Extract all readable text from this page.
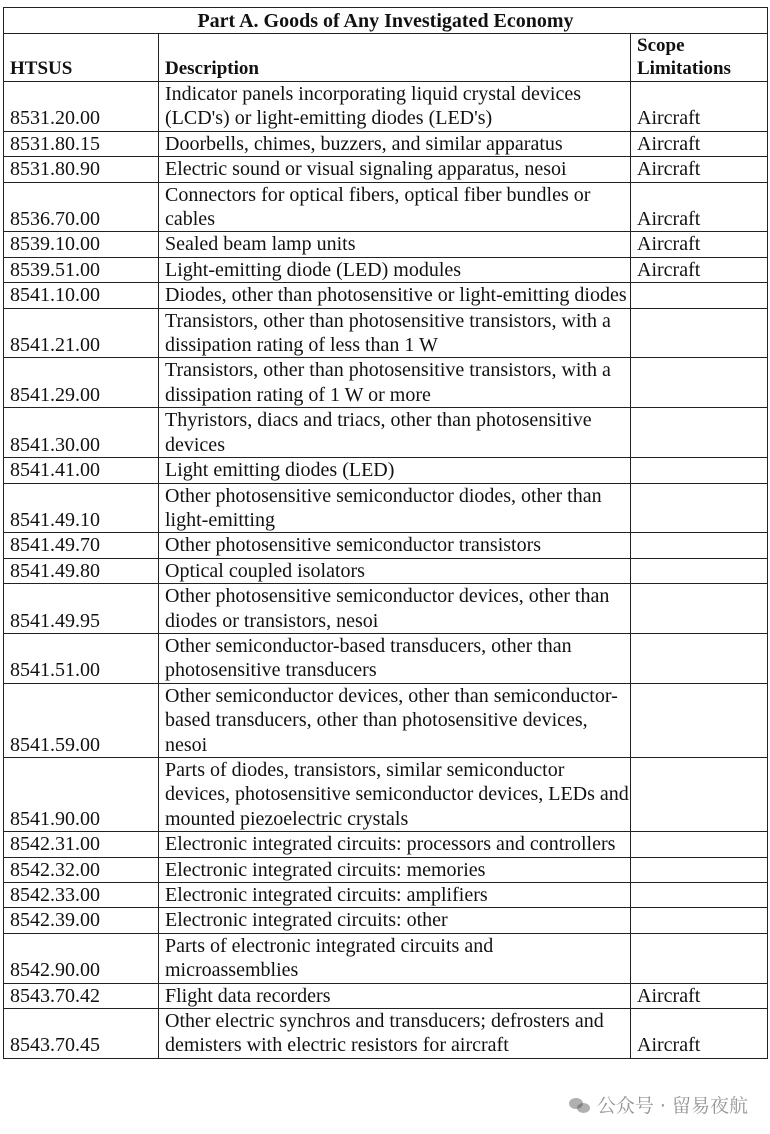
Part A. Goods of Any Investigated Economy		
HTSUS	Description	Scope Limitations
8531.20.00	Indicator panels incorporating liquid crystal devices (LCD's) or light-emitting diodes (LED's)	Aircraft
8531.80.15	Doorbells, chimes, buzzers, and similar apparatus	Aircraft
8531.80.90	Electric sound or visual signaling apparatus, nesoi	Aircraft
8536.70.00	Connectors for optical fibers, optical fiber bundles or cables	Aircraft
8539.10.00	Sealed beam lamp units	Aircraft
8539.51.00	Light-emitting diode (LED) modules	Aircraft
8541.10.00	Diodes, other than photosensitive or light-emitting diodes	
8541.21.00	Transistors, other than photosensitive transistors, with a dissipation rating of less than 1 W	
8541.29.00	Transistors, other than photosensitive transistors, with a dissipation rating of 1 W or more	
8541.30.00	Thyristors, diacs and triacs, other than photosensitive devices	
8541.41.00	Light emitting diodes (LED)	
8541.49.10	Other photosensitive semiconductor diodes, other than light-emitting	
8541.49.70	Other photosensitive semiconductor transistors	
8541.49.80	Optical coupled isolators	
8541.49.95	Other photosensitive semiconductor devices, other than diodes or transistors, nesoi	
8541.51.00	Other semiconductor-based transducers, other than photosensitive transducers	
8541.59.00	Other semiconductor devices, other than semiconductor-based transducers, other than photosensitive devices, nesoi	
8541.90.00	Parts of diodes, transistors, similar semiconductor devices, photosensitive semiconductor devices, LEDs and mounted piezoelectric crystals	
8542.31.00	Electronic integrated circuits: processors and controllers	
8542.32.00	Electronic integrated circuits: memories	
8542.33.00	Electronic integrated circuits: amplifiers	
8542.39.00	Electronic integrated circuits: other	
8542.90.00	Parts of electronic integrated circuits and microassemblies	
8543.70.42	Flight data recorders	Aircraft
8543.70.45	Other electric synchros and transducers; defrosters and demisters with electric resistors for aircraft	Aircraft
公众号 · 留易夜航
